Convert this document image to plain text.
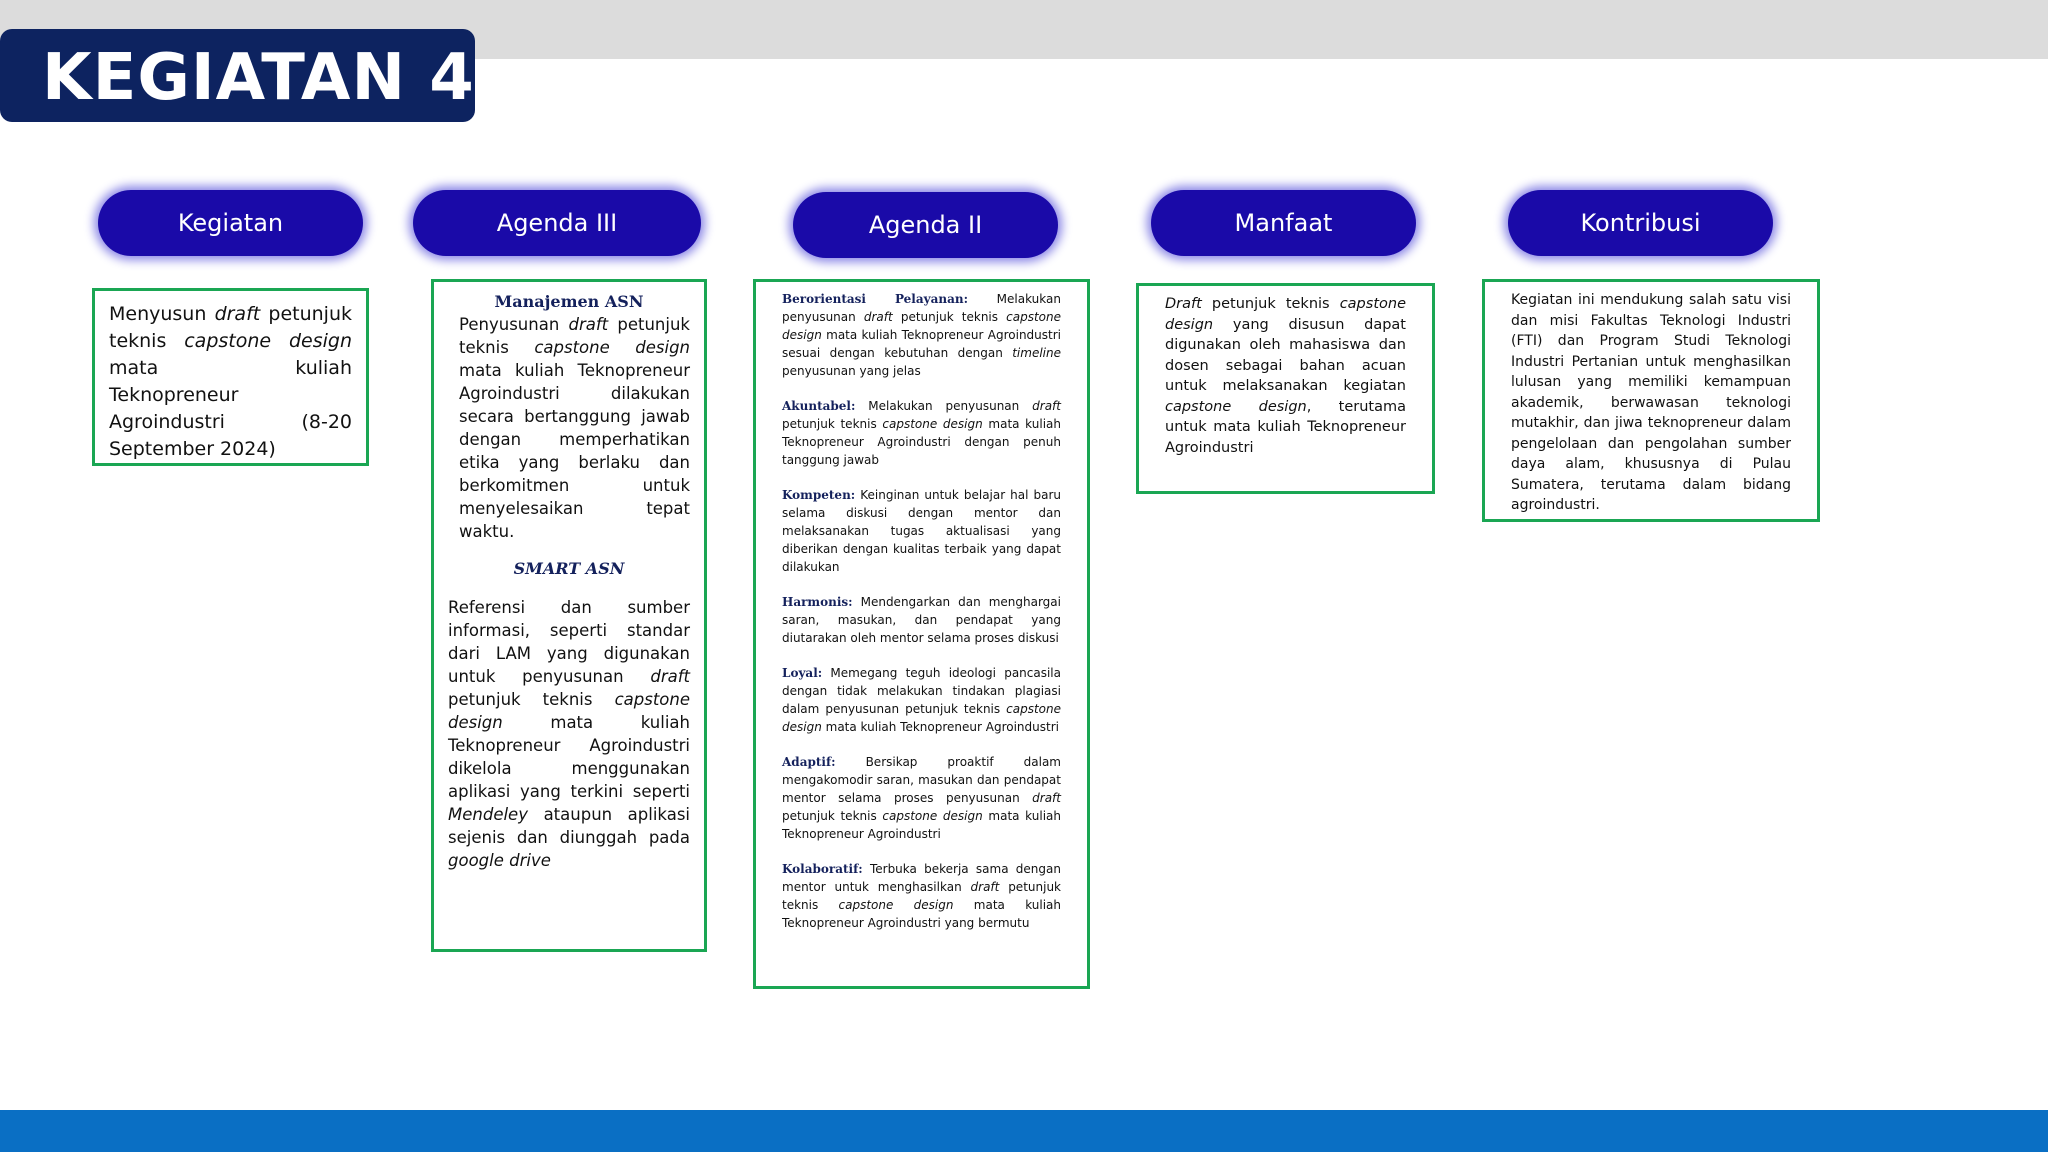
KEGIATAN 4
Kegiatan	Agenda III	Agenda II	Manfaat	Kontribusi

Menyusun draft petunjuk teknis capstone design mata kuliah Teknopreneur Agroindustri (8-20 September 2024)

Manajemen ASN

Penyusunan draft petunjuk teknis capstone design mata kuliah Teknopreneur Agroindustri dilakukan secara bertanggung jawab dengan memperhatikan etika yang berlaku dan berkomitmen untuk menyelesaikan tepat waktu.

SMART ASN

Referensi dan sumber informasi, seperti standar dari LAM yang digunakan untuk penyusunan draft petunjuk teknis capstone design mata kuliah Teknopreneur Agroindustri dikelola menggunakan aplikasi yang terkini seperti Mendeley ataupun aplikasi sejenis dan diunggah pada google drive

Berorientasi Pelayanan: Melakukan penyusunan draft petunjuk teknis capstone design mata kuliah Teknopreneur Agroindustri sesuai dengan kebutuhan dengan timeline penyusunan yang jelas

Akuntabel: Melakukan penyusunan draft petunjuk teknis capstone design mata kuliah Teknopreneur Agroindustri dengan penuh tanggung jawab

Kompeten: Keinginan untuk belajar hal baru selama diskusi dengan mentor dan melaksanakan tugas aktualisasi yang diberikan dengan kualitas terbaik yang dapat dilakukan

Harmonis: Mendengarkan dan menghargai saran, masukan, dan pendapat yang diutarakan oleh mentor selama proses diskusi

Loyal: Memegang teguh ideologi pancasila dengan tidak melakukan tindakan plagiasi dalam penyusunan petunjuk teknis capstone design mata kuliah Teknopreneur Agroindustri

Adaptif: Bersikap proaktif dalam mengakomodir saran, masukan dan pendapat mentor selama proses penyusunan draft petunjuk teknis capstone design mata kuliah Teknopreneur Agroindustri

Kolaboratif: Terbuka bekerja sama dengan mentor untuk menghasilkan draft petunjuk teknis capstone design mata kuliah Teknopreneur Agroindustri yang bermutu

Draft petunjuk teknis capstone design yang disusun dapat digunakan oleh mahasiswa dan dosen sebagai bahan acuan untuk melaksanakan kegiatan capstone design, terutama untuk mata kuliah Teknopreneur Agroindustri

Kegiatan ini mendukung salah satu visi dan misi Fakultas Teknologi Industri (FTI) dan Program Studi Teknologi Industri Pertanian untuk menghasilkan lulusan yang memiliki kemampuan akademik, berwawasan teknologi mutakhir, dan jiwa teknopreneur dalam pengelolaan dan pengolahan sumber daya alam, khususnya di Pulau Sumatera, terutama dalam bidang agroindustri.
